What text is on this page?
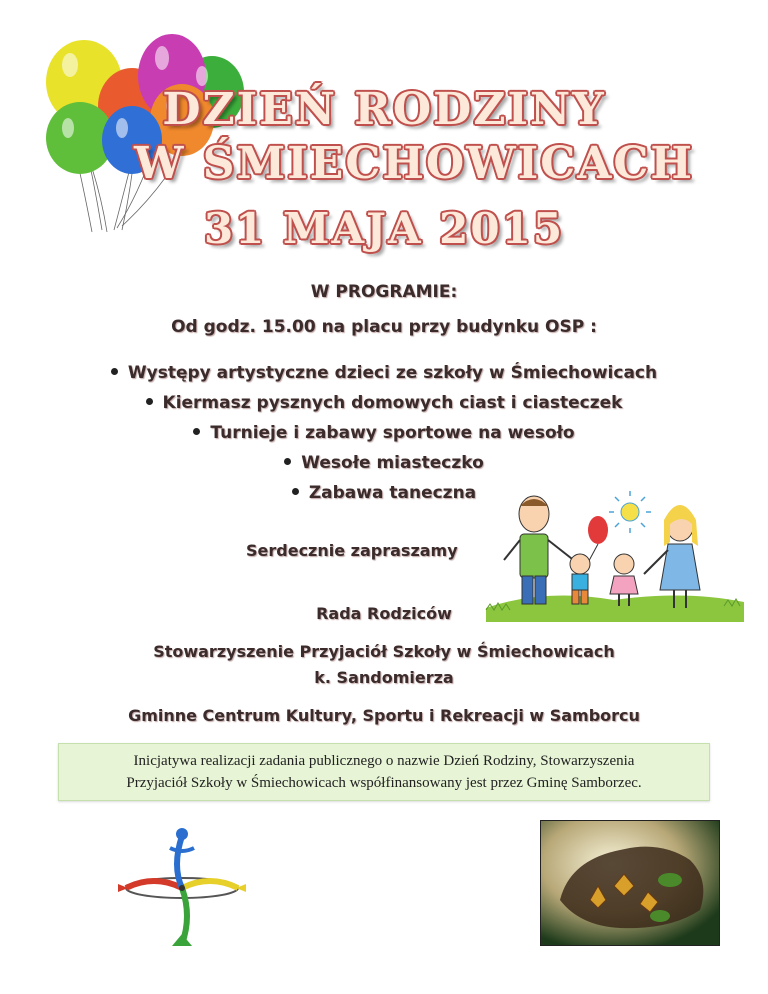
DZIEŃ RODZINY
W ŚMIECHOWICACH
31 MAJA 2015
W PROGRAMIE:
Od godz. 15.00 na placu przy budynku OSP :
Występy artystyczne dzieci ze szkoły w Śmiechowicach
Kiermasz pysznych domowych ciast i ciasteczek
Turnieje i zabawy sportowe na wesoło
Wesołe miasteczko
Zabawa taneczna
Serdecznie zapraszamy
Rada Rodziców
Stowarzyszenie Przyjaciół Szkoły w Śmiechowicach
k. Sandomierza
Gminne Centrum Kultury, Sportu i Rekreacji w Samborcu
Inicjatywa realizacji zadania publicznego o nazwie Dzień Rodziny, Stowarzyszenia
Przyjaciół Szkoły w Śmiechowicach współfinansowany jest przez Gminę Samborzec.
